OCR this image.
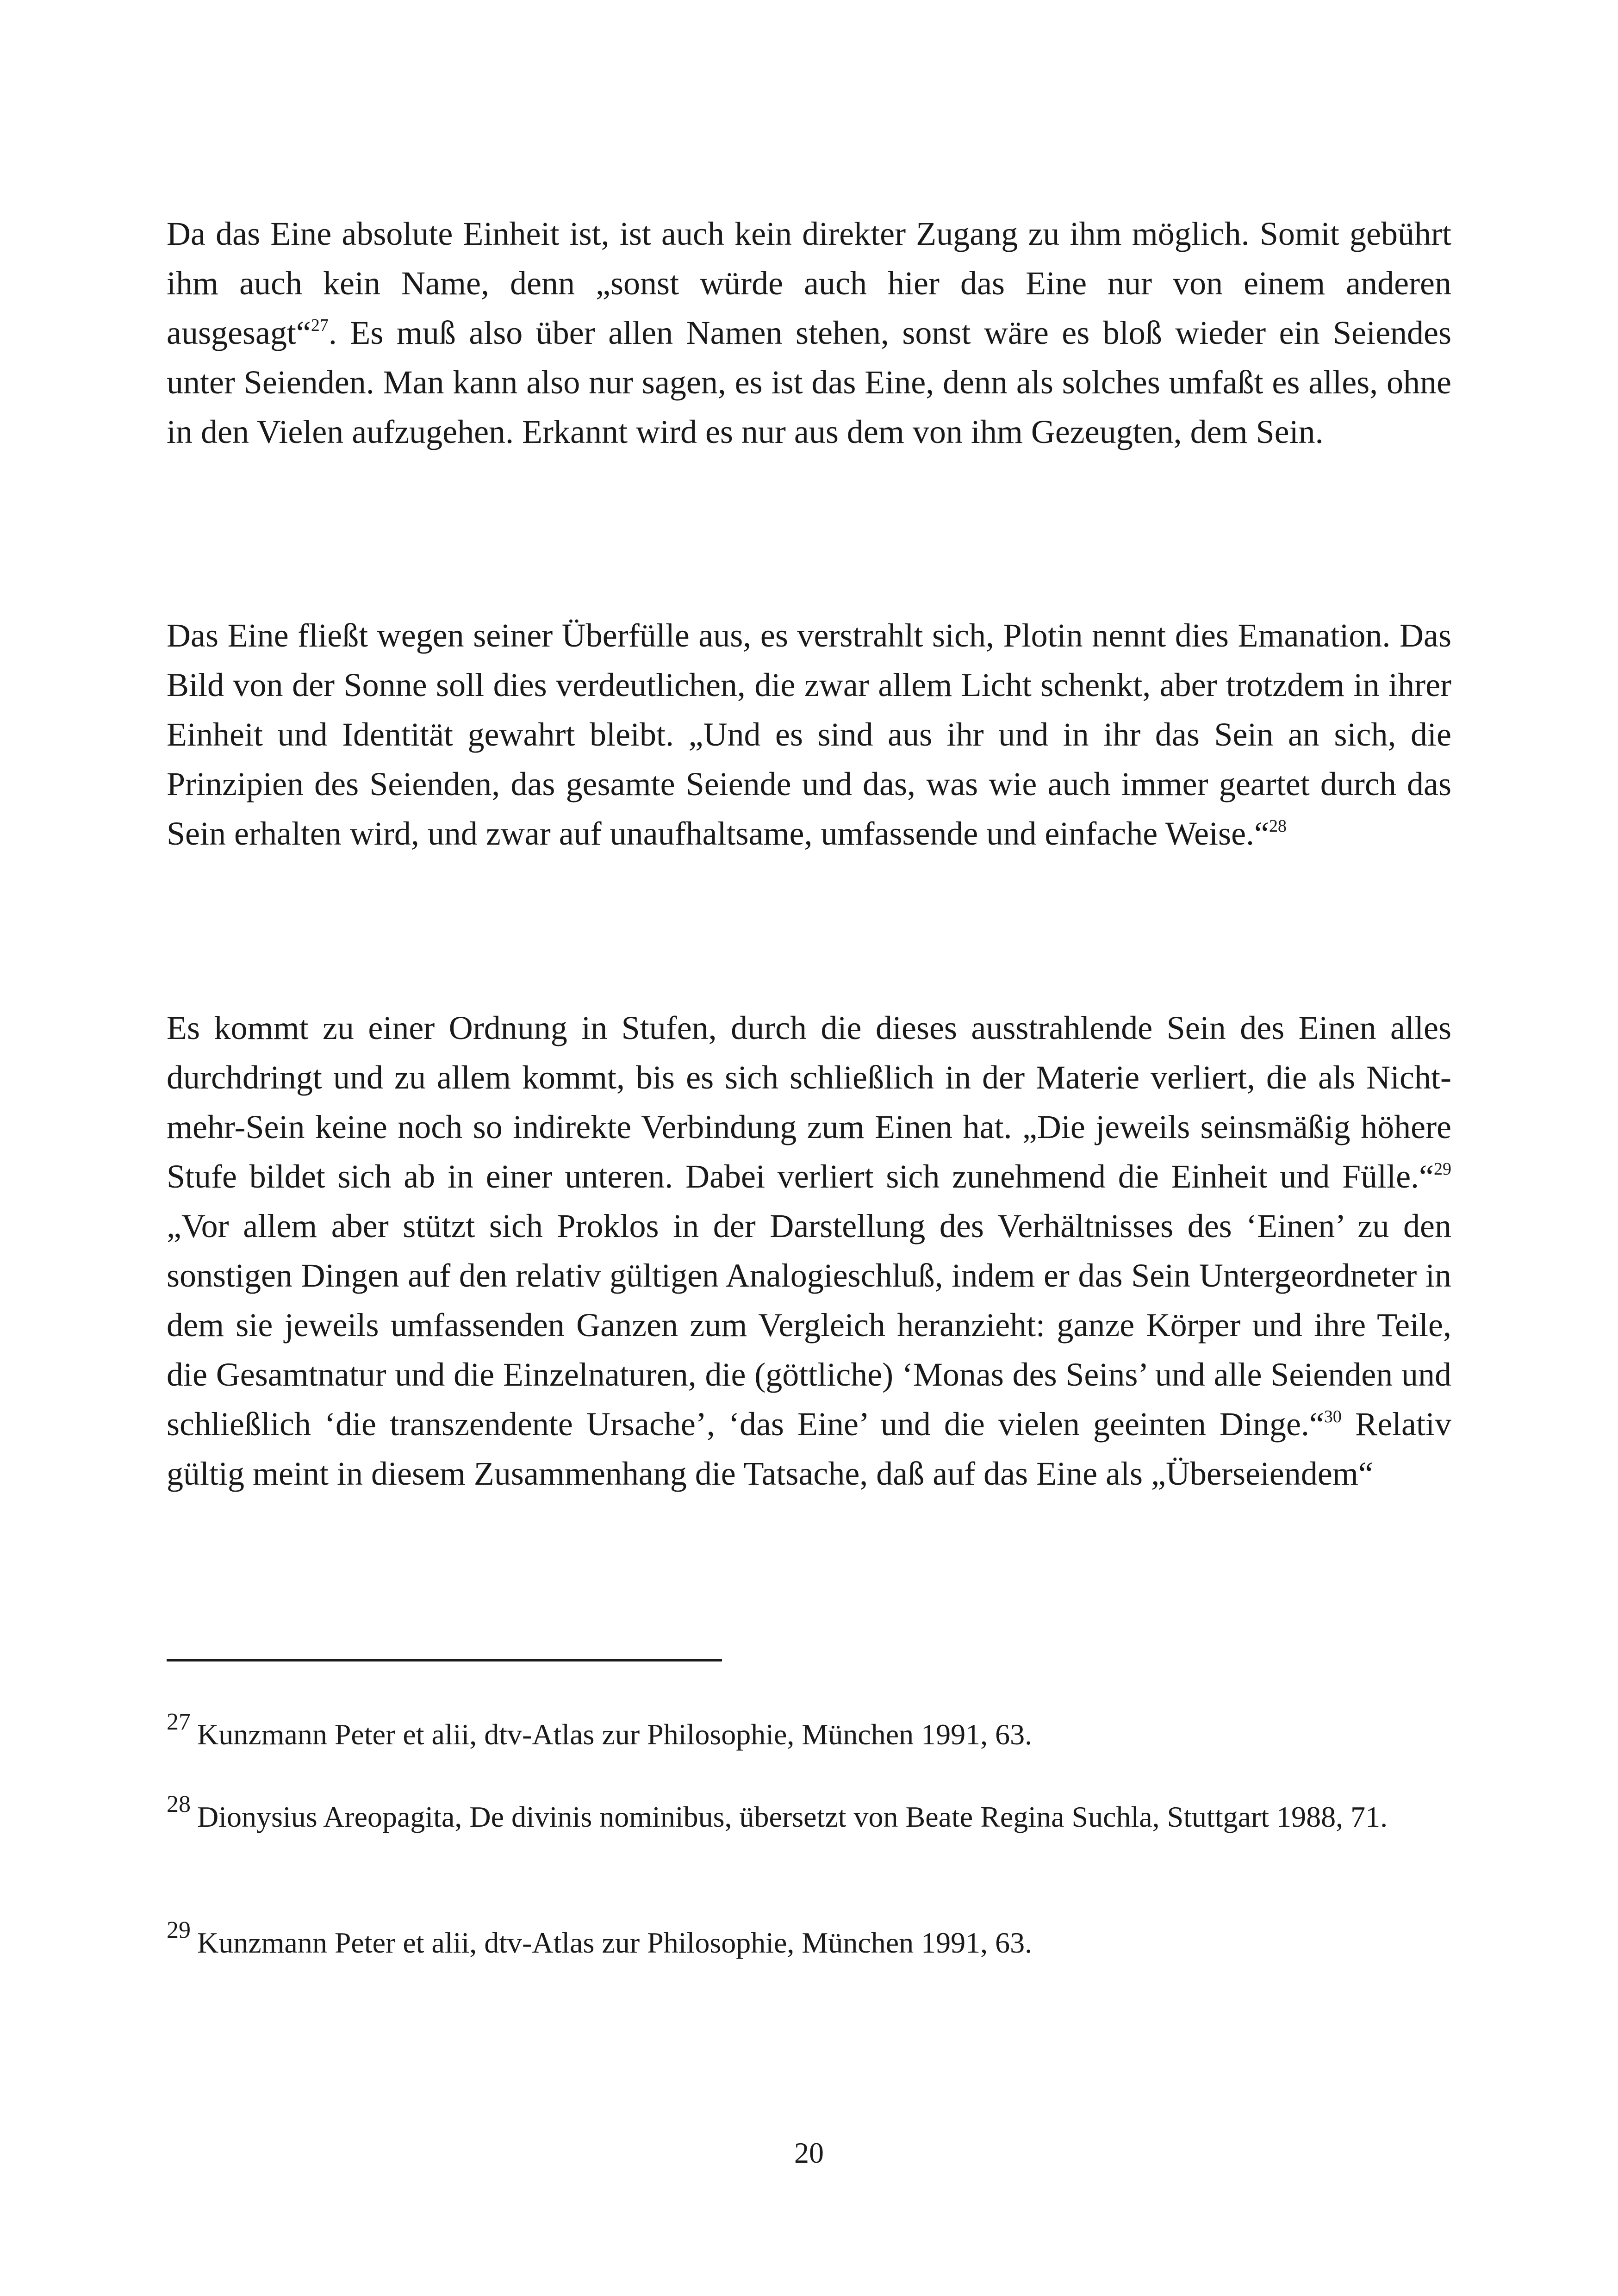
Da das Eine absolute Einheit ist, ist auch kein direkter Zugang zu ihm möglich. Somit gebührt ihm auch kein Name, denn „sonst würde auch hier das Eine nur von einem anderen ausgesagt“$^{27}$. Es muß also über allen Namen stehen, sonst wäre es bloß wieder ein Seiendes unter Seienden. Man kann also nur sagen, es ist das Eine, denn als solches umfaßt es alles, ohne in den Vielen aufzugehen. Erkannt wird es nur aus dem von ihm Gezeugten, dem Sein.

Das Eine fließt wegen seiner Überfülle aus, es verstrahlt sich, Plotin nennt dies Emanation. Das Bild von der Sonne soll dies verdeutlichen, die zwar allem Licht schenkt, aber trotzdem in ihrer Einheit und Identität gewahrt bleibt. „Und es sind aus ihr und in ihr das Sein an sich, die Prinzipien des Seienden, das gesamte Seiende und das, was wie auch immer geartet durch das Sein erhalten wird, und zwar auf unaufhaltsame, umfassende und einfache Weise.“$^{28}$

Es kommt zu einer Ordnung in Stufen, durch die dieses ausstrahlende Sein des Einen alles durchdringt und zu allem kommt, bis es sich schließlich in der Materie verliert, die als Nicht-mehr-Sein keine noch so indirekte Verbindung zum Einen hat. „Die jeweils seinsmäßig höhere Stufe bildet sich ab in einer unteren. Dabei verliert sich zunehmend die Einheit und Fülle.“$^{29}$ „Vor allem aber stützt sich Proklos in der Darstellung des Verhältnisses des ‘Einen’ zu den sonstigen Dingen auf den relativ gültigen Analogieschluß, indem er das Sein Untergeordneter in dem sie jeweils umfassenden Ganzen zum Vergleich heranzieht: ganze Körper und ihre Teile, die Gesamtnatur und die Einzelnaturen, die (göttliche) ‘Monas des Seins’ und alle Seienden und schließlich ‘die transzendente Ursache’, ‘das Eine’ und die vielen geeinten Dinge.“$^{30}$ Relativ gültig meint in diesem Zusammenhang die Tatsache, daß auf das Eine als „Überseiendem“

$^{27}$ Kunzmann Peter et alii, dtv-Atlas zur Philosophie, München 1991, 63.

$^{28}$ Dionysius Areopagita, De divinis nominibus, übersetzt von Beate Regina Suchla, Stuttgart 1988, 71.

$^{29}$ Kunzmann Peter et alii, dtv-Atlas zur Philosophie, München 1991, 63.

20
